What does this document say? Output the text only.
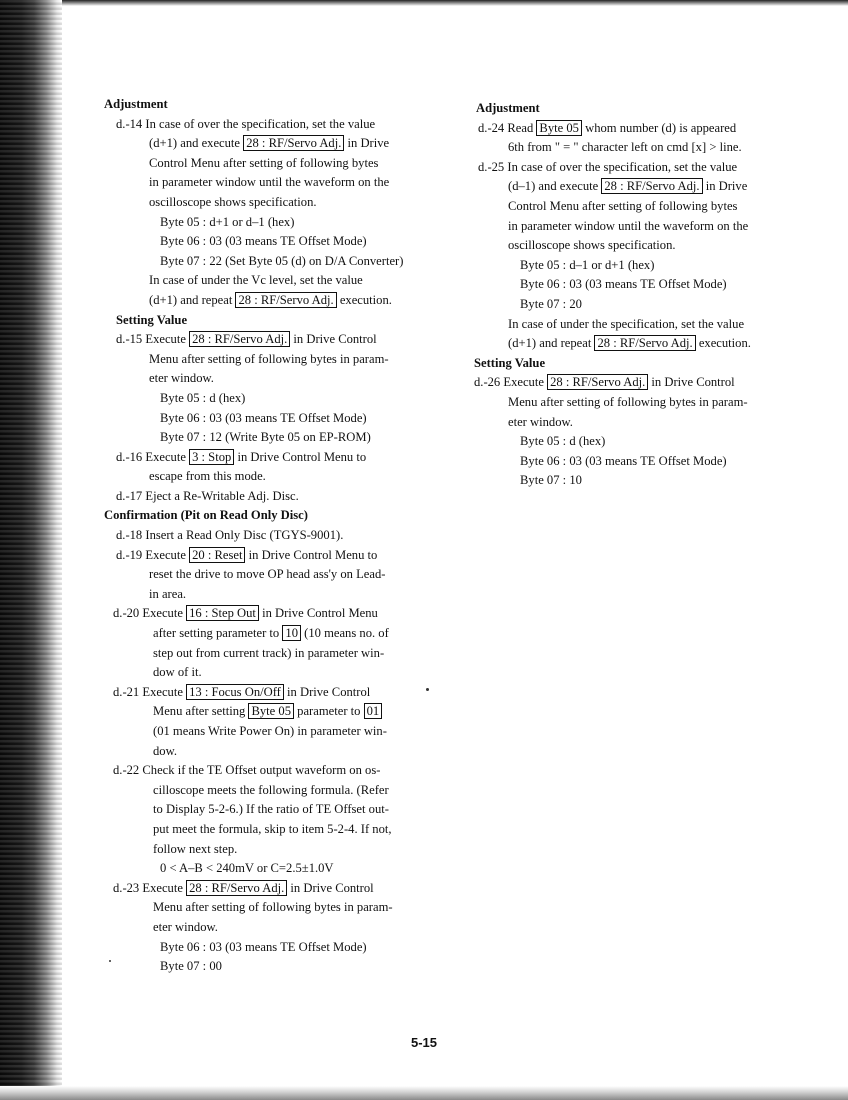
Adjustment
d.-14 In case of over the specification, set the value
(d+1) and execute 28 : RF/Servo Adj. in Drive
Control Menu after setting of following bytes
in parameter window until the waveform on the
oscilloscope shows specification.
Byte 05 : d+1 or d–1 (hex)
Byte 06 : 03 (03 means TE Offset Mode)
Byte 07 : 22 (Set Byte 05 (d) on D/A Converter)
In case of under the Vc level, set the value
(d+1) and repeat 28 : RF/Servo Adj. execution.
Setting Value
d.-15 Execute 28 : RF/Servo Adj. in Drive Control
Menu after setting of following bytes in param-
eter window.
Byte 05 : d (hex)
Byte 06 : 03 (03 means TE Offset Mode)
Byte 07 : 12 (Write Byte 05 on EP-ROM)
d.-16 Execute 3 : Stop in Drive Control Menu to
escape from this mode.
d.-17 Eject a Re-Writable Adj. Disc.
Confirmation (Pit on Read Only Disc)
d.-18 Insert a Read Only Disc (TGYS-9001).
d.-19 Execute 20 : Reset in Drive Control Menu to
reset the drive to move OP head ass'y on Lead-
in area.
d.-20 Execute 16 : Step Out in Drive Control Menu
after setting parameter to 10 (10 means no. of
step out from current track) in parameter win-
dow of it.
d.-21 Execute 13 : Focus On/Off in Drive Control
Menu after setting Byte 05 parameter to 01
(01 means Write Power On) in parameter win-
dow.
d.-22 Check if the TE Offset output waveform on os-
cilloscope meets the following formula. (Refer
to Display 5-2-6.) If the ratio of TE Offset out-
put meet the formula, skip to item 5-2-4. If not,
follow next step.
0 < A–B < 240mV or C=2.5±1.0V
d.-23 Execute 28 : RF/Servo Adj. in Drive Control
Menu after setting of following bytes in param-
eter window.
Byte 06 : 03 (03 means TE Offset Mode)
Byte 07 : 00
Adjustment
d.-24 Read Byte 05 whom number (d) is appeared
6th from " = " character left on cmd [x] > line.
d.-25 In case of over the specification, set the value
(d–1) and execute 28 : RF/Servo Adj. in Drive
Control Menu after setting of following bytes
in parameter window until the waveform on the
oscilloscope shows specification.
Byte 05 : d–1 or d+1 (hex)
Byte 06 : 03 (03 means TE Offset Mode)
Byte 07 : 20
In case of under the specification, set the value
(d+1) and repeat 28 : RF/Servo Adj. execution.
Setting Value
d.-26 Execute 28 : RF/Servo Adj. in Drive Control
Menu after setting of following bytes in param-
eter window.
Byte 05 : d (hex)
Byte 06 : 03 (03 means TE Offset Mode)
Byte 07 : 10
5-15
